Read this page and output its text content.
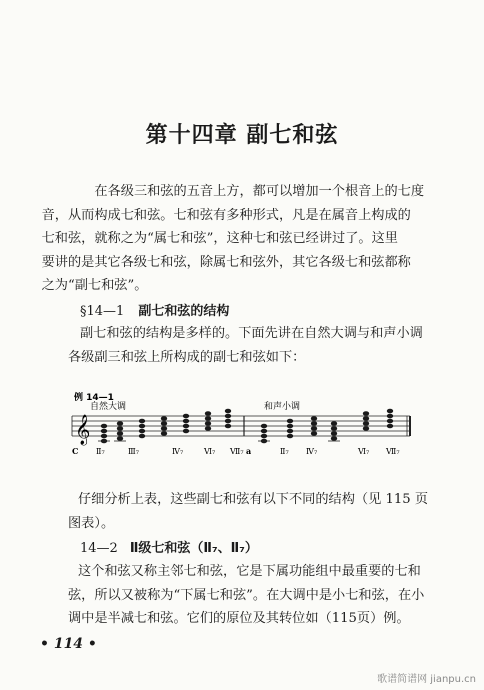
第十四章 副七和弦
在各级三和弦的五音上方，都可以增加一个根音上的七度
音，从而构成七和弦。七和弦有多种形式，凡是在属音上构成的
七和弦，就称之为“属七和弦”，这种七和弦已经讲过了。这里
要讲的是其它各级七和弦，除属七和弦外，其它各级七和弦都称
之为“副七和弦”。
§14—1 副七和弦的结构
副七和弦的结构是多样的。下面先讲在自然大调与和声小调
各级副三和弦上所构成的副七和弦如下：
例 14—1
自然大调	和声小调
𝄞
C Ⅱ₇	Ⅲ₇	Ⅳ₇	Ⅵ₇ Ⅶ₇ a	Ⅱ₇ Ⅳ₇	Ⅵ₇ Ⅶ₇
仔细分析上表，这些副七和弦有以下不同的结构（见 115 页
图表）。
14—2 Ⅱ级七和弦（Ⅱ₇、Ⅱ₇）
这个和弦又称主邻七和弦，它是下属功能组中最重要的七和
弦，所以又被称为“下属七和弦”。在大调中是小七和弦，在小
调中是半减七和弦。它们的原位及其转位如（115页）例。
• 114 •
歌谱简谱网 jianpu.cn
